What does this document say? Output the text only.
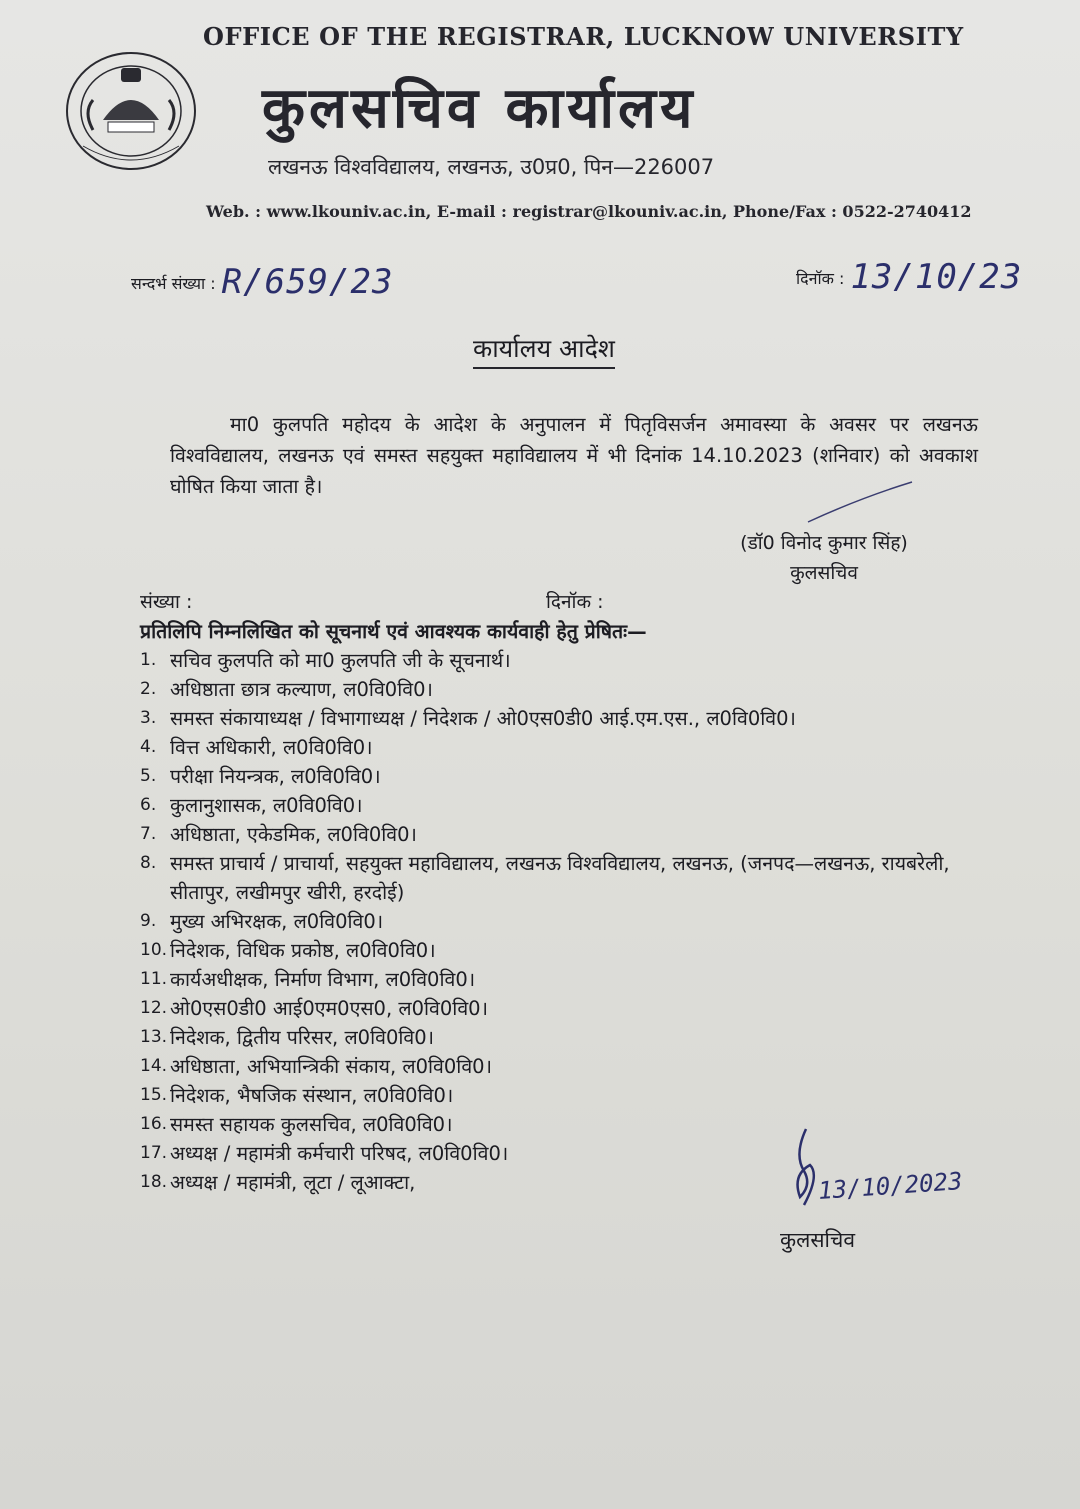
OFFICE OF THE REGISTRAR, LUCKNOW UNIVERSITY
कुलसचिव कार्यालय
लखनऊ विश्वविद्यालय, लखनऊ, उ0प्र0, पिन—226007
Web. : www.lkouniv.ac.in, E-mail : registrar@lkouniv.ac.in, Phone/Fax : 0522-2740412
सन्दर्भ संख्या : R/659/23	दिनॉक : 13/10/23
कार्यालय आदेश
मा0 कुलपति महोदय के आदेश के अनुपालन में पितृविसर्जन अमावस्या के अवसर पर लखनऊ विश्वविद्यालय, लखनऊ एवं समस्त सहयुक्त महाविद्यालय में भी दिनांक 14.10.2023 (शनिवार) को अवकाश घोषित किया जाता है।
(डॉ0 विनोद कुमार सिंह)
कुलसचिव
संख्या :	दिनॉक :
प्रतिलिपि निम्नलिखित को सूचनार्थ एवं आवश्यक कार्यवाही हेतु प्रेषितः—
1. सचिव कुलपति को मा0 कुलपति जी के सूचनार्थ।
2. अधिष्ठाता छात्र कल्याण, ल0वि0वि0।
3. समस्त संकायाध्यक्ष / विभागाध्यक्ष / निदेशक / ओ0एस0डी0 आई.एम.एस., ल0वि0वि0।
4. वित्त अधिकारी, ल0वि0वि0।
5. परीक्षा नियन्त्रक, ल0वि0वि0।
6. कुलानुशासक, ल0वि0वि0।
7. अधिष्ठाता, एकेडमिक, ल0वि0वि0।
8. समस्त प्राचार्य / प्राचार्या, सहयुक्त महाविद्यालय, लखनऊ विश्वविद्यालय, लखनऊ, (जनपद—लखनऊ, रायबरेली, सीतापुर, लखीमपुर खीरी, हरदोई)
9. मुख्य अभिरक्षक, ल0वि0वि0।
10. निदेशक, विधिक प्रकोष्ठ, ल0वि0वि0।
11. कार्यअधीक्षक, निर्माण विभाग, ल0वि0वि0।
12. ओ0एस0डी0 आई0एम0एस0, ल0वि0वि0।
13. निदेशक, द्वितीय परिसर, ल0वि0वि0।
14. अधिष्ठाता, अभियान्त्रिकी संकाय, ल0वि0वि0।
15. निदेशक, भैषजिक संस्थान, ल0वि0वि0।
16. समस्त सहायक कुलसचिव, ल0वि0वि0।
17. अध्यक्ष / महामंत्री कर्मचारी परिषद, ल0वि0वि0।
18. अध्यक्ष / महामंत्री, लूटा / लूआक्टा,	13/10/2023
कुलसचिव
